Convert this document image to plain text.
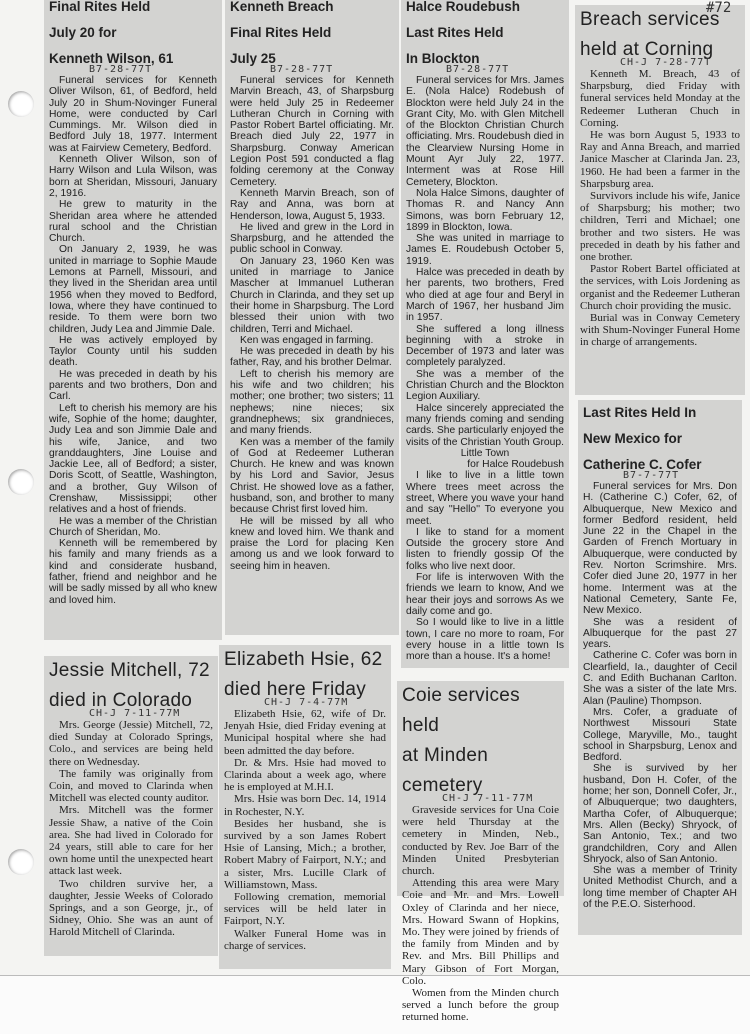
Final Rites Held
July 20 for
Kenneth Wilson, 61
B7-28-77T

Funeral services for Kenneth Oliver Wilson, 61, of Bedford, held July 20 in Shum-Novinger Funeral Home, were conducted by Carl Cummings. Mr. Wilson died in Bedford July 18, 1977. Interment was at Fairview Cemetery, Bedford.

Kenneth Oliver Wilson, son of Harry Wilson and Lula Wilson, was born at Sheridan, Missouri, January 2, 1916.

He grew to maturity in the Sheridan area where he attended rural school and the Christian Church.

On January 2, 1939, he was united in marriage to Sophie Maude Lemons at Parnell, Missouri, and they lived in the Sheridan area until 1956 when they moved to Bedford, Iowa, where they have continued to reside. To them were born two children, Judy Lea and Jimmie Dale.

He was actively employed by Taylor County until his sudden death.

He was preceded in death by his parents and two brothers, Don and Carl.

Left to cherish his memory are his wife, Sophie of the home; daughter, Judy Lea and son Jimmie Dale and his wife, Janice, and two granddaughters, Jine Louise and Jackie Lee, all of Bedford; a sister, Doris Scott, of Seattle, Washington, and a brother, Guy Wilson of Crenshaw, Mississippi; other relatives and a host of friends.

He was a member of the Christian Church of Sheridan, Mo.

Kenneth will be remembered by his family and many friends as a kind and considerate husband, father, friend and neighbor and he will be sadly missed by all who knew and loved him.

Kenneth Breach
Final Rites Held
July 25
B7-28-77T

Funeral services for Kenneth Marvin Breach, 43, of Sharpsburg were held July 25 in Redeemer Lutheran Church in Corning with Pastor Robert Bartel officiating. Mr. Breach died July 22, 1977 in Sharpsburg. Conway American Legion Post 591 conducted a flag folding ceremony at the Conway Cemetery.

Kenneth Marvin Breach, son of Ray and Anna, was born at Henderson, Iowa, August 5, 1933.

He lived and grew in the Lord in Sharpsburg, and he attended the public school in Conway.

On January 23, 1960 Ken was united in marriage to Janice Mascher at Immanuel Lutheran Church in Clarinda, and they set up their home in Sharpsburg. The Lord blessed their union with two children, Terri and Michael.

Ken was engaged in farming.

He was preceded in death by his father, Ray, and his brother Delmar.

Left to cherish his memory are his wife and two children; his mother; one brother; two sisters; 11 nephews; nine nieces; six grandnephews; six grandnieces, and many friends.

Ken was a member of the family of God at Redeemer Lutheran Church. He knew and was known by his Lord and Savior, Jesus Christ. He showed love as a father, husband, son, and brother to many because Christ first loved him.

He will be missed by all who knew and loved him. We thank and praise the Lord for placing Ken among us and we look forward to seeing him in heaven.

Halce Roudebush
Last Rites Held
In Blockton
B7-28-77T

Funeral services for Mrs. James E. (Nola Halce) Rodebush of Blockton were held July 24 in the Grant City, Mo. with Glen Mitchell of the Blockton Christian Church officiating. Mrs. Roudebush died in the Clearview Nursing Home in Mount Ayr July 22, 1977. Interment was at Rose Hill Cemetery, Blockton.

Nola Halce Simons, daughter of Thomas R. and Nancy Ann Simons, was born February 12, 1899 in Blockton, Iowa.

She was united in marriage to James E. Roudebush October 5, 1919.

Halce was preceded in death by her parents, two brothers, Fred who died at age four and Beryl in March of 1967, her husband Jim in 1957.

She suffered a long illness beginning with a stroke in December of 1973 and later was completely paralyzed.

She was a member of the Christian Church and the Blockton Legion Auxiliary.

Halce sincerely appreciated the many friends coming and sending cards. She particularly enjoyed the visits of the Christian Youth Group.

Little Town

for Halce Roudebush

I like to live in a little town Where trees meet across the street, Where you wave your hand and say ''Hello'' To everyone you meet.

I like to stand for a moment Outside the grocery store And listen to friendly gossip Of the folks who live next door.

For life is interwoven With the friends we learn to know, And we hear their joys and sorrows As we daily come and go.

So I would like to live in a little town, I care no more to roam, For every house in a little town Is more than a house. It's a home!

Breach services
held at Corning
CH-J 7-28-77T

Kenneth M. Breach, 43 of Sharpsburg, died Friday with funeral services held Monday at the Redeemer Lutheran Chuch in Corning.

He was born August 5, 1933 to Ray and Anna Breach, and married Janice Mascher at Clarinda Jan. 23, 1960. He had been a farmer in the Sharpsburg area.

Survivors include his wife, Janice of Sharpsburg; his mother; two children, Terri and Michael; one brother and two sisters. He was preceded in death by his father and one brother.

Pastor Robert Bartel officiated at the services, with Lois Jordening as organist and the Redeemer Lutheran Church choir providing the music.

Burial was in Conway Cemetery with Shum-Novinger Funeral Home in charge of arrangements.

Last Rites Held In
New Mexico for
Catherine C. Cofer
B7-7-77T

Funeral services for Mrs. Don H. (Catherine C.) Cofer, 62, of Albuquerque, New Mexico and former Bedford resident, held June 22 in the Chapel in the Garden of French Mortuary in Albuquerque, were conducted by Rev. Norton Scrimshire. Mrs. Cofer died June 20, 1977 in her home. Interment was at the National Cemetery, Sante Fe, New Mexico.

She was a resident of Albuquerque for the past 27 years.

Catherine C. Cofer was born in Clearfield, Ia., daughter of Cecil C. and Edith Buchanan Carlton. She was a sister of the late Mrs. Alan (Pauline) Thompson.

Mrs. Cofer, a graduate of Northwest Missouri State College, Maryville, Mo., taught school in Sharpsburg, Lenox and Bedford.

She is survived by her husband, Don H. Cofer, of the home; her son, Donnell Cofer, Jr., of Albuquerque; two daughters, Martha Cofer, of Albuquerque; Mrs. Allen (Becky) Shryock, of San Antonio, Tex.; and two grandchildren, Cory and Allen Shryock, also of San Antonio.

She was a member of Trinity United Methodist Church, and a long time member of Chapter AH of the P.E.O. Sisterhood.

Jessie Mitchell, 72
died in Colorado
CH-J 7-11-77M

Mrs. George (Jessie) Mitchell, 72, died Sunday at Colorado Springs, Colo., and services are being held there on Wednesday.

The family was originally from Coin, and moved to Clarinda when Mitchell was elected county auditor.

Mrs. Mitchell was the former Jessie Shaw, a native of the Coin area. She had lived in Colorado for 24 years, still able to care for her own home until the unexpected heart attack last week.

Two children survive her, a daughter, Jessie Weeks of Colorado Springs, and a son George, jr., of Sidney, Ohio. She was an aunt of Harold Mitchell of Clarinda.

Elizabeth Hsie, 62
died here Friday
CH-J 7-4-77M

Elizabeth Hsie, 62, wife of Dr. Jenyah Hsie, died Friday evening at Municipal hospital where she had been admitted the day before.

Dr. & Mrs. Hsie had moved to Clarinda about a week ago, where he is employed at M.H.I.

Mrs. Hsie was born Dec. 14, 1914 in Rochester, N.Y.

Besides her husband, she is survived by a son James Robert Hsie of Lansing, Mich.; a brother, Robert Mabry of Fairport, N.Y.; and a sister, Mrs. Lucille Clark of Williamstown, Mass.

Following cremation, memorial services will be held later in Fairport, N.Y.

Walker Funeral Home was in charge of services.

Coie services held
at Minden cemetery
CH-J 7-11-77M

Graveside services for Una Coie were held Thursday at the cemetery in Minden, Neb., conducted by Rev. Joe Barr of the Minden United Presbyterian church.

Attending this area were Mary Coie and Mr. and Mrs. Lowell Oxley of Clarinda and her niece, Mrs. Howard Swann of Hopkins, Mo. They were joined by friends of the family from Minden and by Rev. and Mrs. Bill Phillips and Mary Gibson of Fort Morgan, Colo.

Women from the Minden church served a lunch before the group returned home.

#72
